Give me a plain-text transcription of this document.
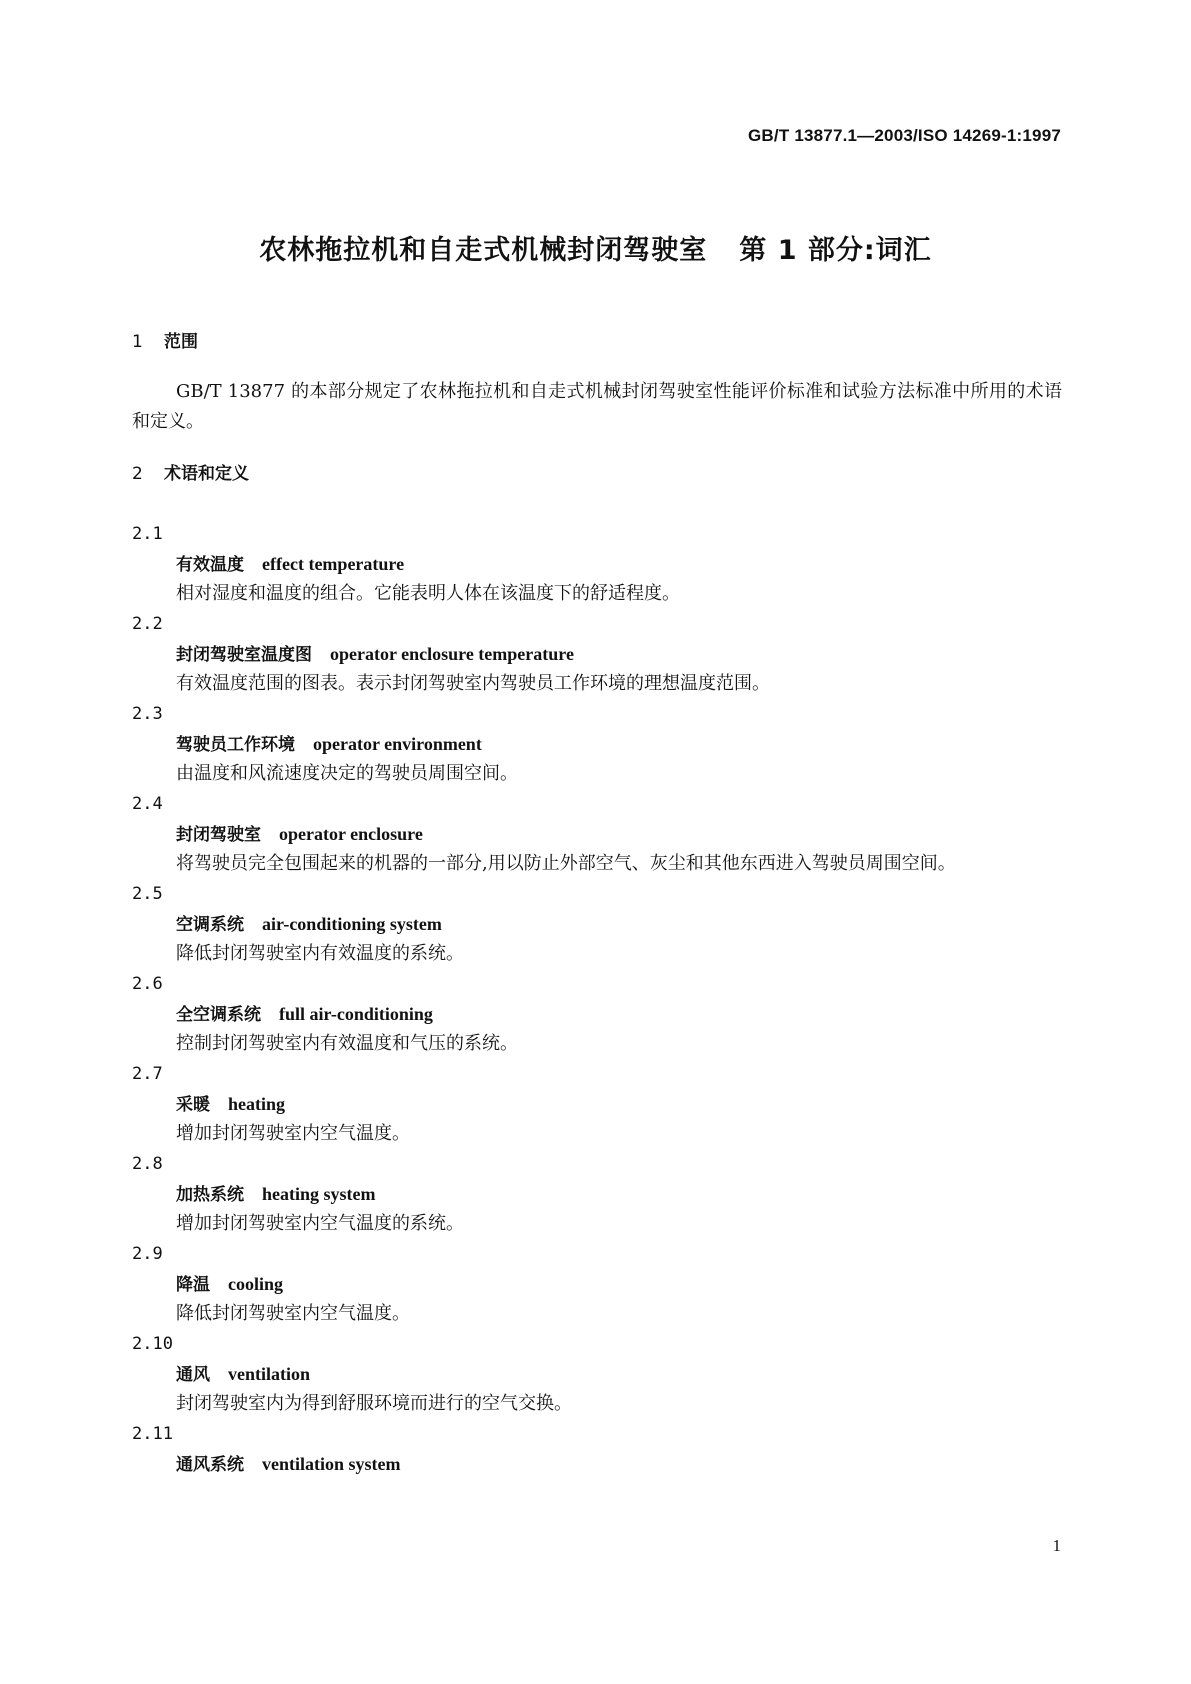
GB/T 13877.1—2003/ISO 14269-1:1997
农林拖拉机和自走式机械封闭驾驶室 第 1 部分:词汇
1 范围

GB/T 13877 的本部分规定了农林拖拉机和自走式机械封闭驾驶室性能评价标准和试验方法标准中所用的术语和定义。

2 术语和定义
2.1
有效温度 effect temperature
相对湿度和温度的组合。它能表明人体在该温度下的舒适程度。
2.2
封闭驾驶室温度图 operator enclosure temperature
有效温度范围的图表。表示封闭驾驶室内驾驶员工作环境的理想温度范围。
2.3
驾驶员工作环境 operator environment
由温度和风流速度决定的驾驶员周围空间。
2.4
封闭驾驶室 operator enclosure
将驾驶员完全包围起来的机器的一部分,用以防止外部空气、灰尘和其他东西进入驾驶员周围空间。
2.5
空调系统 air-conditioning system
降低封闭驾驶室内有效温度的系统。
2.6
全空调系统 full air-conditioning
控制封闭驾驶室内有效温度和气压的系统。
2.7
采暖 heating
增加封闭驾驶室内空气温度。
2.8
加热系统 heating system
增加封闭驾驶室内空气温度的系统。
2.9
降温 cooling
降低封闭驾驶室内空气温度。
2.10
通风 ventilation
封闭驾驶室内为得到舒服环境而进行的空气交换。
2.11
通风系统 ventilation system
1
